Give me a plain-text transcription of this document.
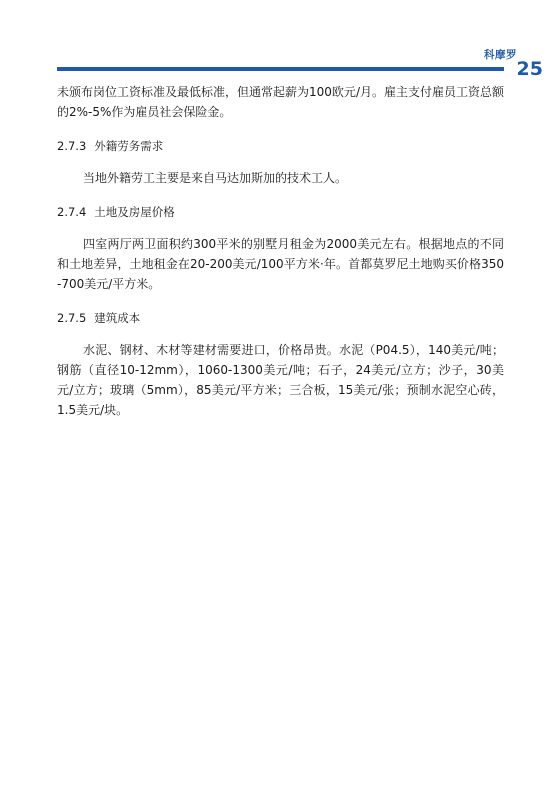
科摩罗
25

未颁布岗位工资标准及最低标准，但通常起薪为100欧元/月。雇主支付雇员工资总额的2%-5%作为雇员社会保险金。

2.7.3 外籍劳务需求

当地外籍劳工主要是来自马达加斯加的技术工人。

2.7.4 土地及房屋价格

四室两厅两卫面积约300平米的别墅月租金为2000美元左右。根据地点的不同和土地差异，土地租金在20-200美元/100平方米·年。首都莫罗尼土地购买价格350-700美元/平方米。

2.7.5 建筑成本

水泥、钢材、木材等建材需要进口，价格昂贵。水泥（P04.5），140美元/吨；钢筋（直径10-12mm），1060-1300美元/吨；石子，24美元/立方；沙子，30美元/立方；玻璃（5mm），85美元/平方米；三合板，15美元/张；预制水泥空心砖，1.5美元/块。
